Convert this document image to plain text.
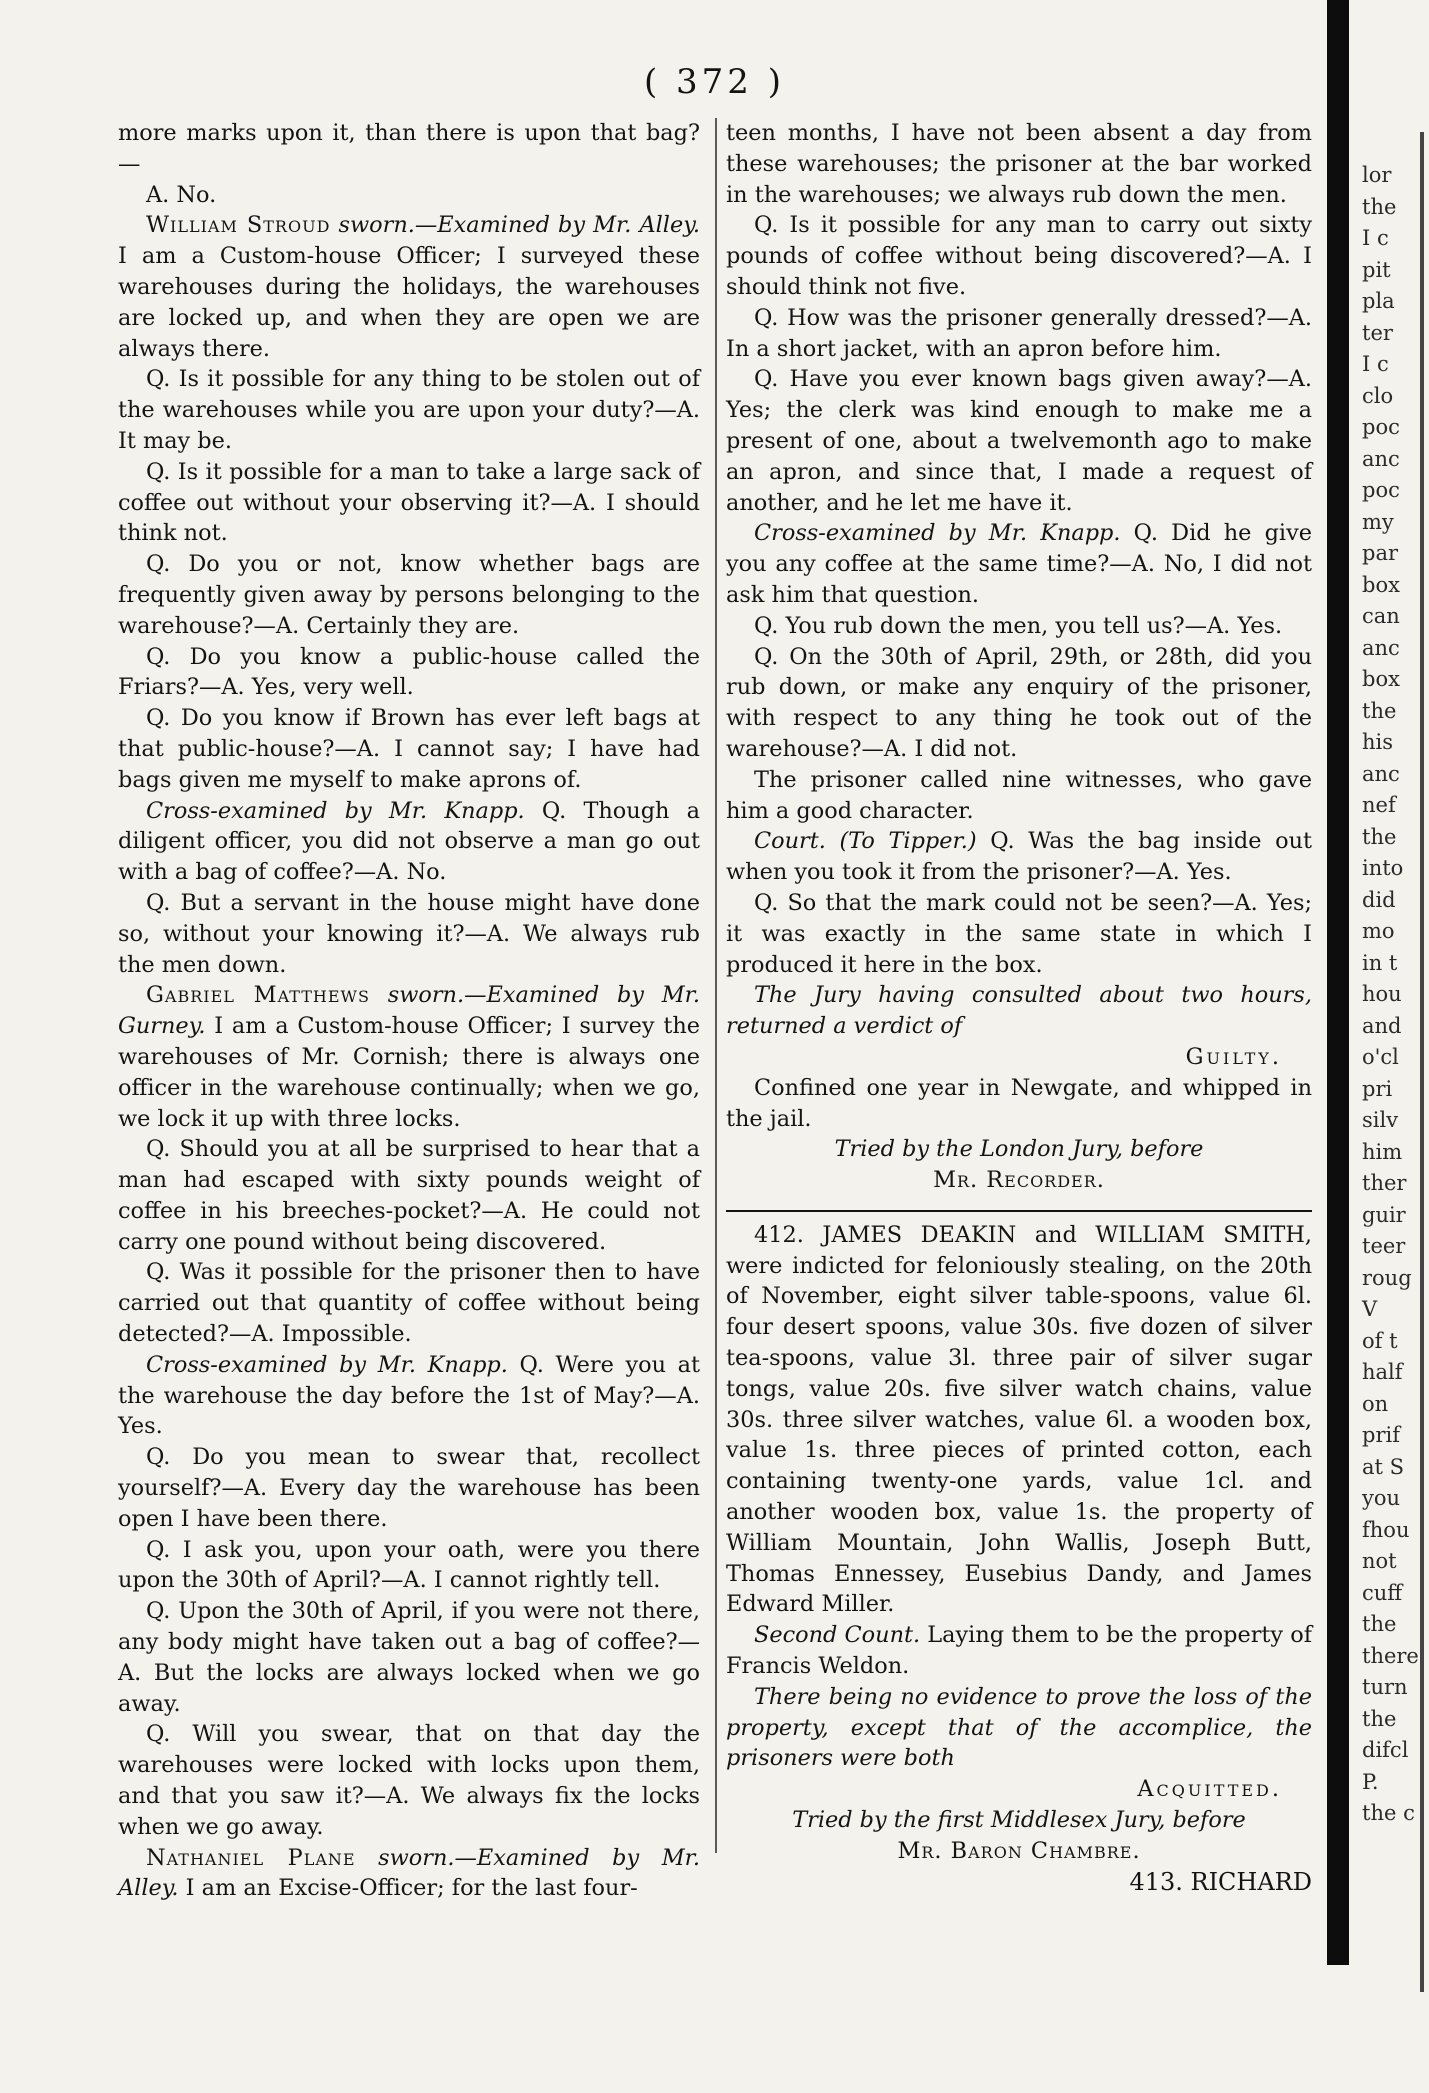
( 372 )

more marks upon it, than there is upon that bag?—

A. No.

William Stroud sworn.—Examined by Mr. Alley. I am a Custom-house Officer; I surveyed these warehouses during the holidays, the warehouses are locked up, and when they are open we are always there.

Q. Is it possible for any thing to be stolen out of the warehouses while you are upon your duty?—A. It may be.

Q. Is it possible for a man to take a large sack of coffee out without your observing it?—A. I should think not.

Q. Do you or not, know whether bags are frequently given away by persons belonging to the warehouse?—A. Certainly they are.

Q. Do you know a public-house called the Friars?—A. Yes, very well.

Q. Do you know if Brown has ever left bags at that public-house?—A. I cannot say; I have had bags given me myself to make aprons of.

Cross-examined by Mr. Knapp. Q. Though a diligent officer, you did not observe a man go out with a bag of coffee?—A. No.

Q. But a servant in the house might have done so, without your knowing it?—A. We always rub the men down.

Gabriel Matthews sworn.—Examined by Mr. Gurney. I am a Custom-house Officer; I survey the warehouses of Mr. Cornish; there is always one officer in the warehouse continually; when we go, we lock it up with three locks.

Q. Should you at all be surprised to hear that a man had escaped with sixty pounds weight of coffee in his breeches-pocket?—A. He could not carry one pound without being discovered.

Q. Was it possible for the prisoner then to have carried out that quantity of coffee without being detected?—A. Impossible.

Cross-examined by Mr. Knapp. Q. Were you at the warehouse the day before the 1st of May?—A. Yes.

Q. Do you mean to swear that, recollect yourself?—A. Every day the warehouse has been open I have been there.

Q. I ask you, upon your oath, were you there upon the 30th of April?—A. I cannot rightly tell.

Q. Upon the 30th of April, if you were not there, any body might have taken out a bag of coffee?—A. But the locks are always locked when we go away.

Q. Will you swear, that on that day the warehouses were locked with locks upon them, and that you saw it?—A. We always fix the locks when we go away.

Nathaniel Plane sworn.—Examined by Mr. Alley. I am an Excise-Officer; for the last four-

teen months, I have not been absent a day from these warehouses; the prisoner at the bar worked in the warehouses; we always rub down the men.

Q. Is it possible for any man to carry out sixty pounds of coffee without being discovered?—A. I should think not five.

Q. How was the prisoner generally dressed?—A. In a short jacket, with an apron before him.

Q. Have you ever known bags given away?—A. Yes; the clerk was kind enough to make me a present of one, about a twelvemonth ago to make an apron, and since that, I made a request of another, and he let me have it.

Cross-examined by Mr. Knapp. Q. Did he give you any coffee at the same time?—A. No, I did not ask him that question.

Q. You rub down the men, you tell us?—A. Yes.

Q. On the 30th of April, 29th, or 28th, did you rub down, or make any enquiry of the prisoner, with respect to any thing he took out of the warehouse?—A. I did not.

The prisoner called nine witnesses, who gave him a good character.

Court. (To Tipper.) Q. Was the bag inside out when you took it from the prisoner?—A. Yes.

Q. So that the mark could not be seen?—A. Yes; it was exactly in the same state in which I produced it here in the box.

The Jury having consulted about two hours, returned a verdict of

Guilty.

Confined one year in Newgate, and whipped in the jail.

Tried by the London Jury, before

Mr. Recorder.

412. JAMES DEAKIN and WILLIAM SMITH, were indicted for feloniously stealing, on the 20th of November, eight silver table-spoons, value 6l. four desert spoons, value 30s. five dozen of silver tea-spoons, value 3l. three pair of silver sugar tongs, value 20s. five silver watch chains, value 30s. three silver watches, value 6l. a wooden box, value 1s. three pieces of printed cotton, each containing twenty-one yards, value 1cl. and another wooden box, value 1s. the property of William Mountain, John Wallis, Joseph Butt, Thomas Ennessey, Eusebius Dandy, and James Edward Miller.

Second Count. Laying them to be the property of Francis Weldon.

There being no evidence to prove the loss of the property, except that of the accomplice, the prisoners were both

Acquitted.

Tried by the first Middlesex Jury, before

Mr. Baron Chambre.

413. RICHARD

lor
the
I c
pit
pla
ter
I c
clo
poc
anc
poc
my
par
box
can
anc
box
the
his
anc
nef
the
into
did
mo
in t
hou
and
o'cl
pri
silv
him
ther
guir
teer
roug
V
of t
half
on
prif
at S
you
fhou
not
cuff
the
there
turn
the
difcl
P.
the c
